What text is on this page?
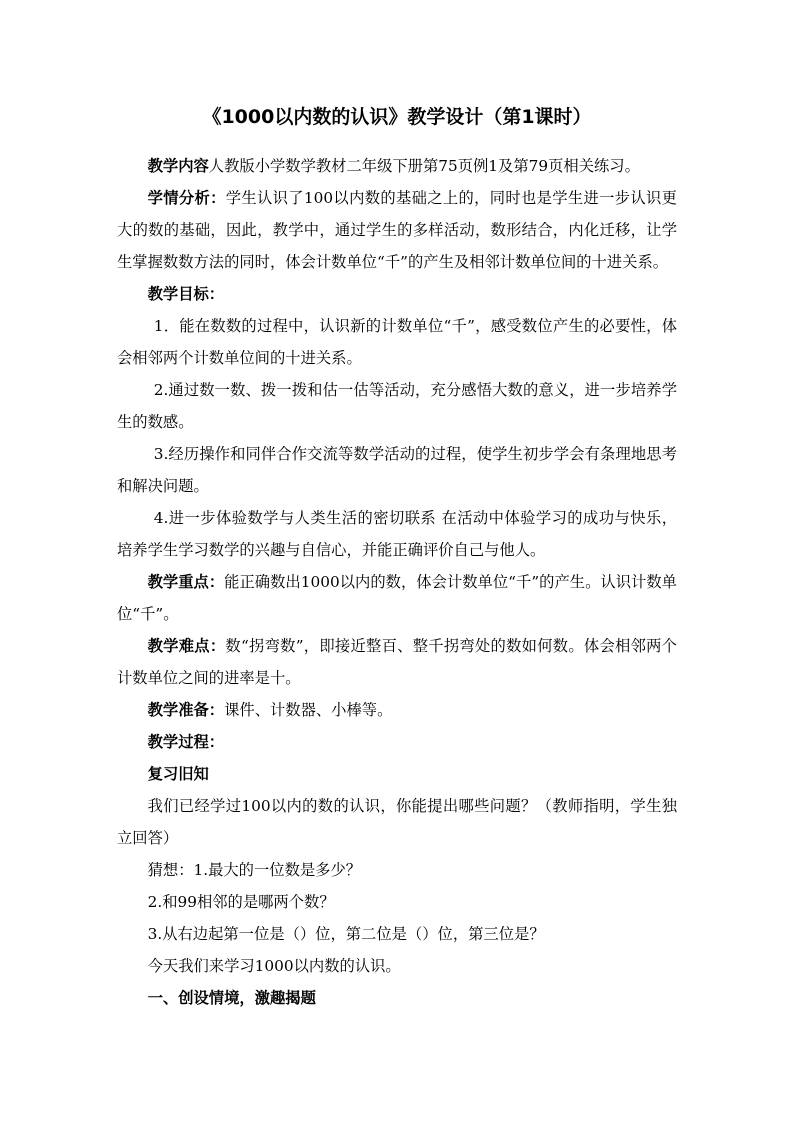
《1000以内数的认识》教学设计（第1课时）

教学内容人教版小学数学教材二年级下册第75页例1及第79页相关练习。

学情分析：学生认识了100以内数的基础之上的，同时也是学生进一步认识更大的数的基础，因此，教学中，通过学生的多样活动，数形结合，内化迁移，让学生掌握数数方法的同时，体会计数单位“千”的产生及相邻计数单位间的十进关系。

教学目标：

1．能在数数的过程中，认识新的计数单位“千”，感受数位产生的必要性，体会相邻两个计数单位间的十进关系。

2.通过数一数、拨一拨和估一估等活动，充分感悟大数的意义，进一步培养学生的数感。

3.经历操作和同伴合作交流等数学活动的过程，使学生初步学会有条理地思考和解决问题。

4.进一步体验数学与人类生活的密切联系 在活动中体验学习的成功与快乐，培养学生学习数学的兴趣与自信心，并能正确评价自己与他人。

教学重点：能正确数出1000以内的数，体会计数单位“千”的产生。认识计数单位“千”。

教学难点：数“拐弯数”，即接近整百、整千拐弯处的数如何数。体会相邻两个计数单位之间的进率是十。

教学准备：课件、计数器、小棒等。

教学过程：

复习旧知

我们已经学过100以内的数的认识，你能提出哪些问题？（教师指明，学生独立回答）

猜想：1.最大的一位数是多少？

2.和99相邻的是哪两个数？

3.从右边起第一位是（）位，第二位是（）位，第三位是？

今天我们来学习1000以内数的认识。

一、创设情境，激趣揭题
